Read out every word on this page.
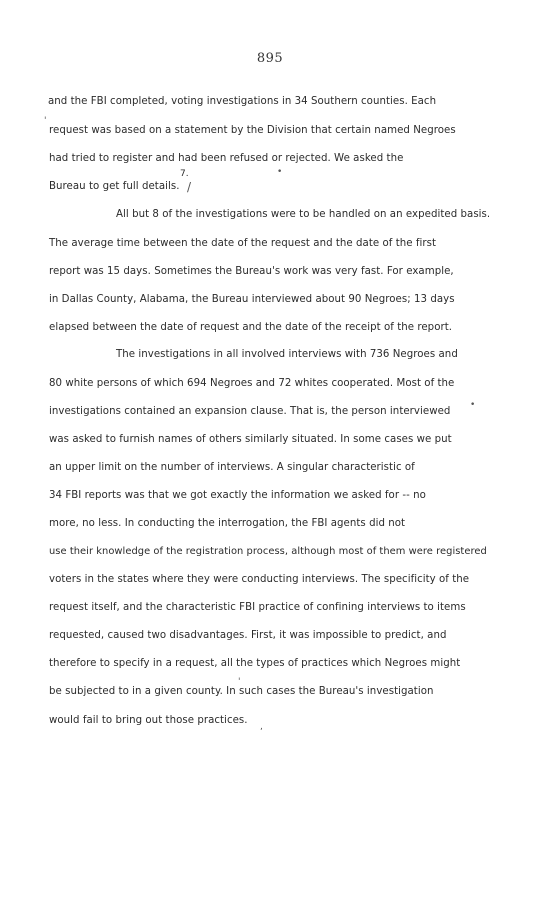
895
and the FBI completed, voting investigations in 34 Southern counties. Each
request was based on a statement by the Division that certain named Negroes
had tried to register and had been refused or rejected. We asked the
Bureau to get full details.
7.
/
•
'
All but 8 of the investigations were to be handled on an expedited basis.
The average time between the date of the request and the date of the first
report was 15 days. Sometimes the Bureau's work was very fast. For example,
in Dallas County, Alabama, the Bureau interviewed about 90 Negroes; 13 days
elapsed between the date of request and the date of the receipt of the report.
The investigations in all involved interviews with 736 Negroes and
80 white persons of which 694 Negroes and 72 whites cooperated. Most of the
investigations contained an expansion clause. That is, the person interviewed
was asked to furnish names of others similarly situated. In some cases we put
an upper limit on the number of interviews. A singular characteristic of
34 FBI reports was that we got exactly the information we asked for -- no
more, no less. In conducting the interrogation, the FBI agents did not
use their knowledge of the registration process, although most of them were registered
voters in the states where they were conducting interviews. The specificity of the
request itself, and the characteristic FBI practice of confining interviews to items
requested, caused two disadvantages. First, it was impossible to predict, and
therefore to specify in a request, all the types of practices which Negroes might
be subjected to in a given county. In such cases the Bureau's investigation
would fail to bring out those practices.
•
'
,
